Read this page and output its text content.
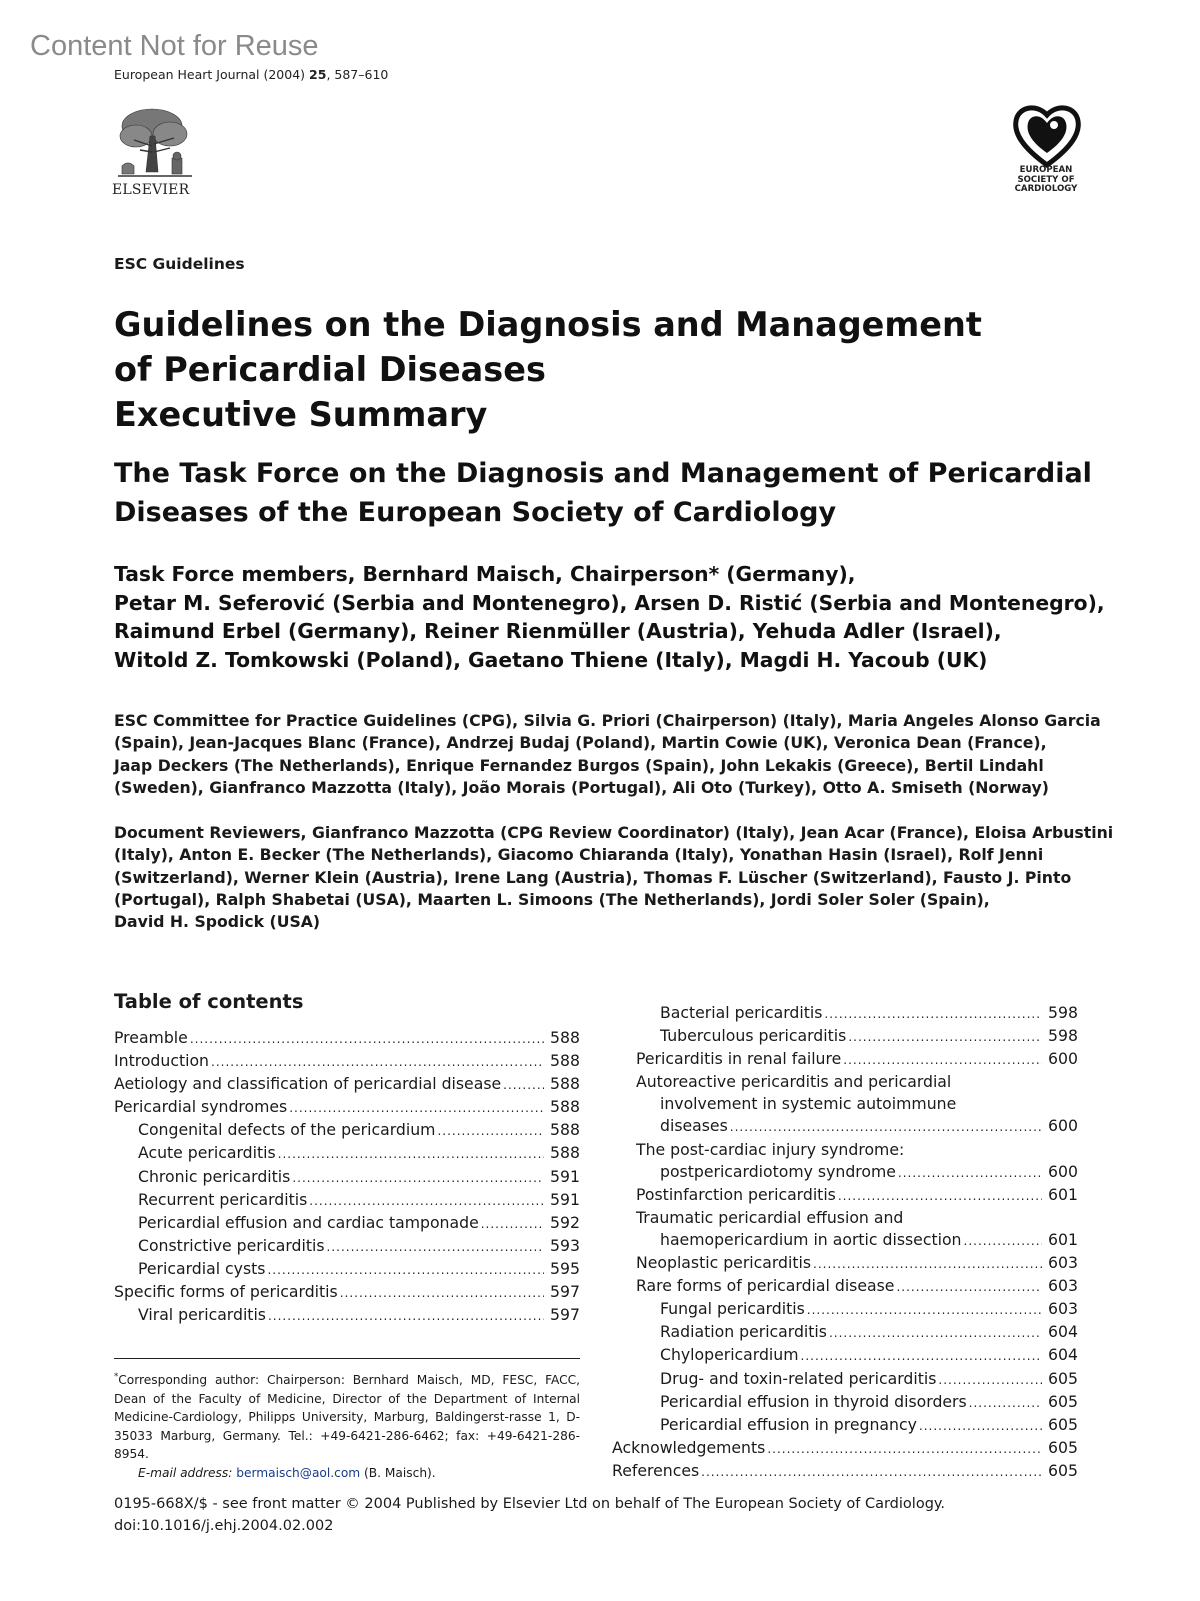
Content Not for Reuse
European Heart Journal (2004) 25, 587–610
ELSEVIER
EUROPEAN
SOCIETY OF
CARDIOLOGY
ESC Guidelines
Guidelines on the Diagnosis and Management
of Pericardial Diseases
Executive Summary
The Task Force on the Diagnosis and Management of Pericardial
Diseases of the European Society of Cardiology
Task Force members, Bernhard Maisch, Chairperson* (Germany),
Petar M. Seferović (Serbia and Montenegro), Arsen D. Ristić (Serbia and Montenegro),
Raimund Erbel (Germany), Reiner Rienmüller (Austria), Yehuda Adler (Israel),
Witold Z. Tomkowski (Poland), Gaetano Thiene (Italy), Magdi H. Yacoub (UK)
ESC Committee for Practice Guidelines (CPG), Silvia G. Priori (Chairperson) (Italy), Maria Angeles Alonso Garcia
(Spain), Jean-Jacques Blanc (France), Andrzej Budaj (Poland), Martin Cowie (UK), Veronica Dean (France),
Jaap Deckers (The Netherlands), Enrique Fernandez Burgos (Spain), John Lekakis (Greece), Bertil Lindahl
(Sweden), Gianfranco Mazzotta (Italy), João Morais (Portugal), Ali Oto (Turkey), Otto A. Smiseth (Norway)
Document Reviewers, Gianfranco Mazzotta (CPG Review Coordinator) (Italy), Jean Acar (France), Eloisa Arbustini
(Italy), Anton E. Becker (The Netherlands), Giacomo Chiaranda (Italy), Yonathan Hasin (Israel), Rolf Jenni
(Switzerland), Werner Klein (Austria), Irene Lang (Austria), Thomas F. Lüscher (Switzerland), Fausto J. Pinto
(Portugal), Ralph Shabetai (USA), Maarten L. Simoons (The Netherlands), Jordi Soler Soler (Spain),
David H. Spodick (USA)
Table of contents
Preamble .....	588
Introduction .....	588
Aetiology and classification of pericardial disease .....	588
Pericardial syndromes .....	588
Congenital defects of the pericardium .....	588
Acute pericarditis .....	588
Chronic pericarditis .....	591
Recurrent pericarditis .....	591
Pericardial effusion and cardiac tamponade .....	592
Constrictive pericarditis .....	593
Pericardial cysts .....	595
Specific forms of pericarditis .....	597
Viral pericarditis .....	597
Bacterial pericarditis .....	598
Tuberculous pericarditis .....	598
Pericarditis in renal failure .....	600
Autoreactive pericarditis and pericardial
involvement in systemic autoimmune
diseases .....	600
The post-cardiac injury syndrome:
postpericardiotomy syndrome .....	600
Postinfarction pericarditis .....	601
Traumatic pericardial effusion and
haemopericardium in aortic dissection .....	601
Neoplastic pericarditis .....	603
Rare forms of pericardial disease .....	603
Fungal pericarditis .....	603
Radiation pericarditis .....	604
Chylopericardium .....	604
Drug- and toxin-related pericarditis .....	605
Pericardial effusion in thyroid disorders .....	605
Pericardial effusion in pregnancy .....	605
Acknowledgements .....	605
References .....	605
*Corresponding author: Chairperson: Bernhard Maisch, MD, FESC, FACC, Dean of the Faculty of Medicine, Director of the Department of Internal Medicine-Cardiology, Philipps University, Marburg, Baldingerst-rasse 1, D-35033 Marburg, Germany. Tel.: +49-6421-286-6462; fax: +49-6421-286-8954.
E-mail address: bermaisch@aol.com (B. Maisch).
0195-668X/$ - see front matter © 2004 Published by Elsevier Ltd on behalf of The European Society of Cardiology.
doi:10.1016/j.ehj.2004.02.002
